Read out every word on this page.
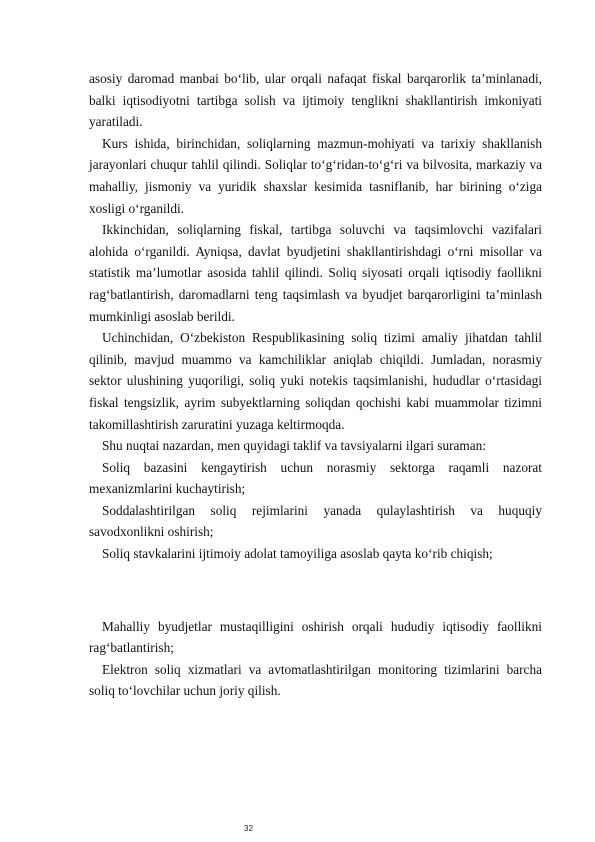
asosiy daromad manbai bo‘lib, ular orqali nafaqat fiskal barqarorlik ta’minlanadi, balki iqtisodiyotni tartibga solish va ijtimoiy tenglikni shakllantirish imkoniyati yaratiladi.

Kurs ishida, birinchidan, soliqlarning mazmun-mohiyati va tarixiy shakllanish jarayonlari chuqur tahlil qilindi. Soliqlar to‘g‘ridan-to‘g‘ri va bilvosita, markaziy va mahalliy, jismoniy va yuridik shaxslar kesimida tasniflanib, har birining o‘ziga xosligi o‘rganildi.

Ikkinchidan, soliqlarning fiskal, tartibga soluvchi va taqsimlovchi vazifalari alohida o‘rganildi. Ayniqsa, davlat byudjetini shakllantirishdagi o‘rni misollar va statistik ma’lumotlar asosida tahlil qilindi. Soliq siyosati orqali iqtisodiy faollikni rag‘batlantirish, daromadlarni teng taqsimlash va byudjet barqarorligini ta’minlash mumkinligi asoslab berildi.

Uchinchidan, O‘zbekiston Respublikasining soliq tizimi amaliy jihatdan tahlil qilinib, mavjud muammo va kamchiliklar aniqlab chiqildi. Jumladan, norasmiy sektor ulushining yuqoriligi, soliq yuki notekis taqsimlanishi, hududlar o‘rtasidagi fiskal tengsizlik, ayrim subyektlarning soliqdan qochishi kabi muammolar tizimni takomillashtirish zaruratini yuzaga keltirmoqda.

Shu nuqtai nazardan, men quyidagi taklif va tavsiyalarni ilgari suraman:

Soliq bazasini kengaytirish uchun norasmiy sektorga raqamli nazorat mexanizmlarini kuchaytirish;

Soddalashtirilgan soliq rejimlarini yanada qulaylashtirish va huquqiy savodxonlikni oshirish;

Soliq stavkalarini ijtimoiy adolat tamoyiliga asoslab qayta ko‘rib chiqish;

Mahalliy byudjetlar mustaqilligini oshirish orqali hududiy iqtisodiy faollikni rag‘batlantirish;

Elektron soliq xizmatlari va avtomatlashtirilgan monitoring tizimlarini barcha soliq to‘lovchilar uchun joriy qilish.

32
